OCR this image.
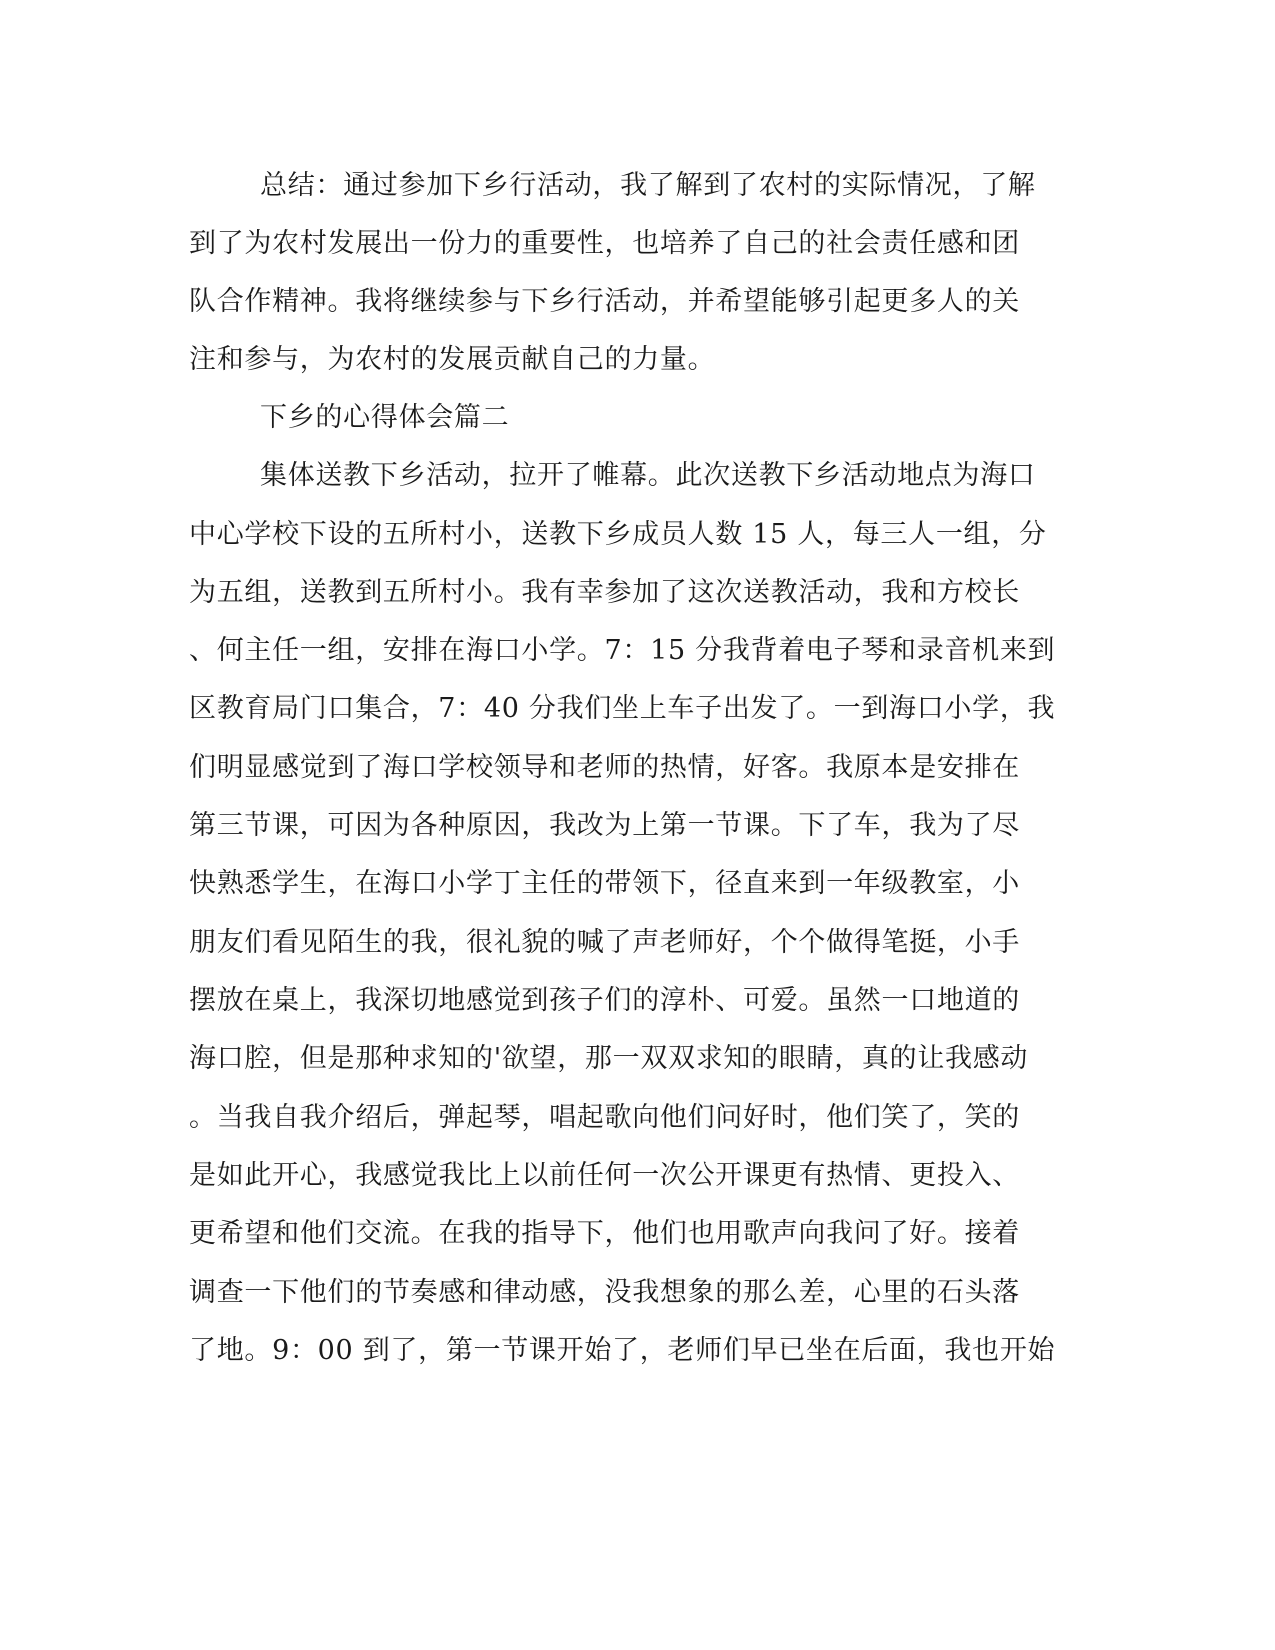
总结：通过参加下乡行活动，我了解到了农村的实际情况，了解
到了为农村发展出一份力的重要性，也培养了自己的社会责任感和团
队合作精神。我将继续参与下乡行活动，并希望能够引起更多人的关
注和参与，为农村的发展贡献自己的力量。
下乡的心得体会篇二
集体送教下乡活动，拉开了帷幕。此次送教下乡活动地点为海口
中心学校下设的五所村小，送教下乡成员人数 15 人，每三人一组，分
为五组，送教到五所村小。我有幸参加了这次送教活动，我和方校长
、何主任一组，安排在海口小学。7：15 分我背着电子琴和录音机来到
区教育局门口集合，7：40 分我们坐上车子出发了。一到海口小学，我
们明显感觉到了海口学校领导和老师的热情，好客。我原本是安排在
第三节课，可因为各种原因，我改为上第一节课。下了车，我为了尽
快熟悉学生，在海口小学丁主任的带领下，径直来到一年级教室，小
朋友们看见陌生的我，很礼貌的喊了声老师好，个个做得笔挺，小手
摆放在桌上，我深切地感觉到孩子们的淳朴、可爱。虽然一口地道的
海口腔，但是那种求知的'欲望，那一双双求知的眼睛，真的让我感动
。当我自我介绍后，弹起琴，唱起歌向他们问好时，他们笑了，笑的
是如此开心，我感觉我比上以前任何一次公开课更有热情、更投入、
更希望和他们交流。在我的指导下，他们也用歌声向我问了好。接着
调查一下他们的节奏感和律动感，没我想象的那么差，心里的石头落
了地。9：00 到了，第一节课开始了，老师们早已坐在后面，我也开始
